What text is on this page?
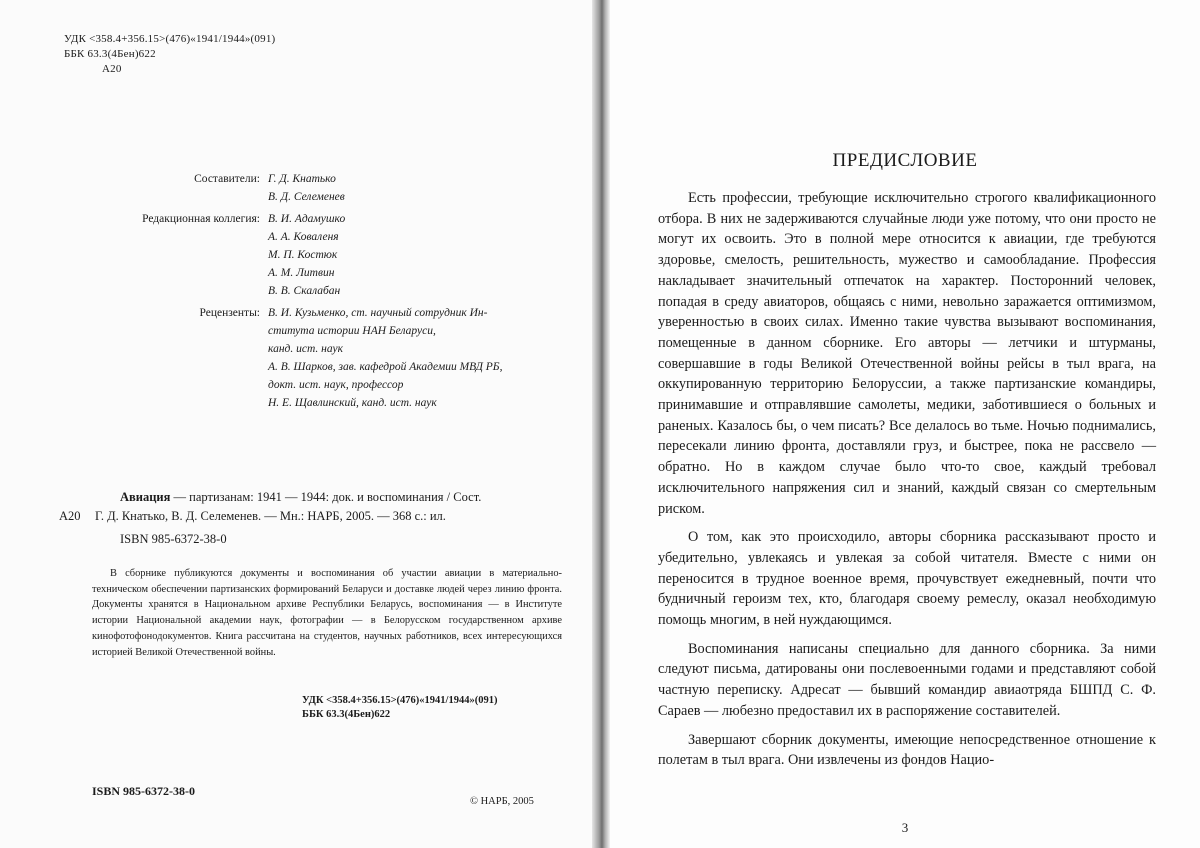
УДК <358.4+356.15>(476)«1941/1944»(091)
ББК 63.3(4Бен)622
А20
Составители: Г. Д. Кнатько
В. Д. Селеменев
Редакционная коллегия: В. И. Адамушко
А. А. Коваленя
М. П. Костюк
А. М. Литвин
В. В. Скалабан
Рецензенты: В. И. Кузьменко, ст. научный сотрудник Ин-
ститута истории НАН Беларуси,
канд. ист. наук
А. В. Шарков, зав. кафедрой Академии МВД РБ,
докт. ист. наук, профессор
Н. Е. Щавлинский, канд. ист. наук
Авиация — партизанам: 1941 — 1944: док. и воспоминания / Сост.
А20	Г. Д. Кнатько, В. Д. Селеменев. — Мн.: НАРБ, 2005. — 368 с.: ил.
ISBN 985-6372-38-0
В сборнике публикуются документы и воспоминания об участии авиации в материально-техническом обеспечении партизанских формирований Беларуси и доставке людей через линию фронта. Документы хранятся в Национальном архиве Республики Беларусь, воспоминания — в Институте истории Национальной академии наук, фотографии — в Белорусском государственном архиве кинофотофонодокументов. Книга рассчитана на студентов, научных работников, всех интересующихся историей Великой Отечественной войны.
УДК <358.4+356.15>(476)«1941/1944»(091)
ББК 63.3(4Бен)622
ISBN 985-6372-38-0
© НАРБ, 2005
ПРЕДИСЛОВИЕ

Есть профессии, требующие исключительно строгого квалификационного отбора. В них не задерживаются случайные люди уже потому, что они просто не могут их освоить. Это в полной мере относится к авиации, где требуются здоровье, смелость, решительность, мужество и самообладание. Профессия накладывает значительный отпечаток на характер. Посторонний человек, попадая в среду авиаторов, общаясь с ними, невольно заражается оптимизмом, уверенностью в своих силах. Именно такие чувства вызывают воспоминания, помещенные в данном сборнике. Его авторы — летчики и штурманы, совершавшие в годы Великой Отечественной войны рейсы в тыл врага, на оккупированную территорию Белоруссии, а также партизанские командиры, принимавшие и отправлявшие самолеты, медики, заботившиеся о больных и раненых. Казалось бы, о чем писать? Все делалось во тьме. Ночью поднимались, пересекали линию фронта, доставляли груз, и быстрее, пока не рассвело — обратно. Но в каждом случае было что-то свое, каждый требовал исключительного напряжения сил и знаний, каждый связан со смертельным риском.

О том, как это происходило, авторы сборника рассказывают просто и убедительно, увлекаясь и увлекая за собой читателя. Вместе с ними он переносится в трудное военное время, прочувствует ежедневный, почти что будничный героизм тех, кто, благодаря своему ремеслу, оказал необходимую помощь многим, в ней нуждающимся.

Воспоминания написаны специально для данного сборника. За ними следуют письма, датированы они послевоенными годами и представляют собой частную переписку. Адресат — бывший командир авиаотряда БШПД С. Ф. Сараев — любезно предоставил их в распоряжение составителей.

Завершают сборник документы, имеющие непосредственное отношение к полетам в тыл врага. Они извлечены из фондов Нацио-

3
